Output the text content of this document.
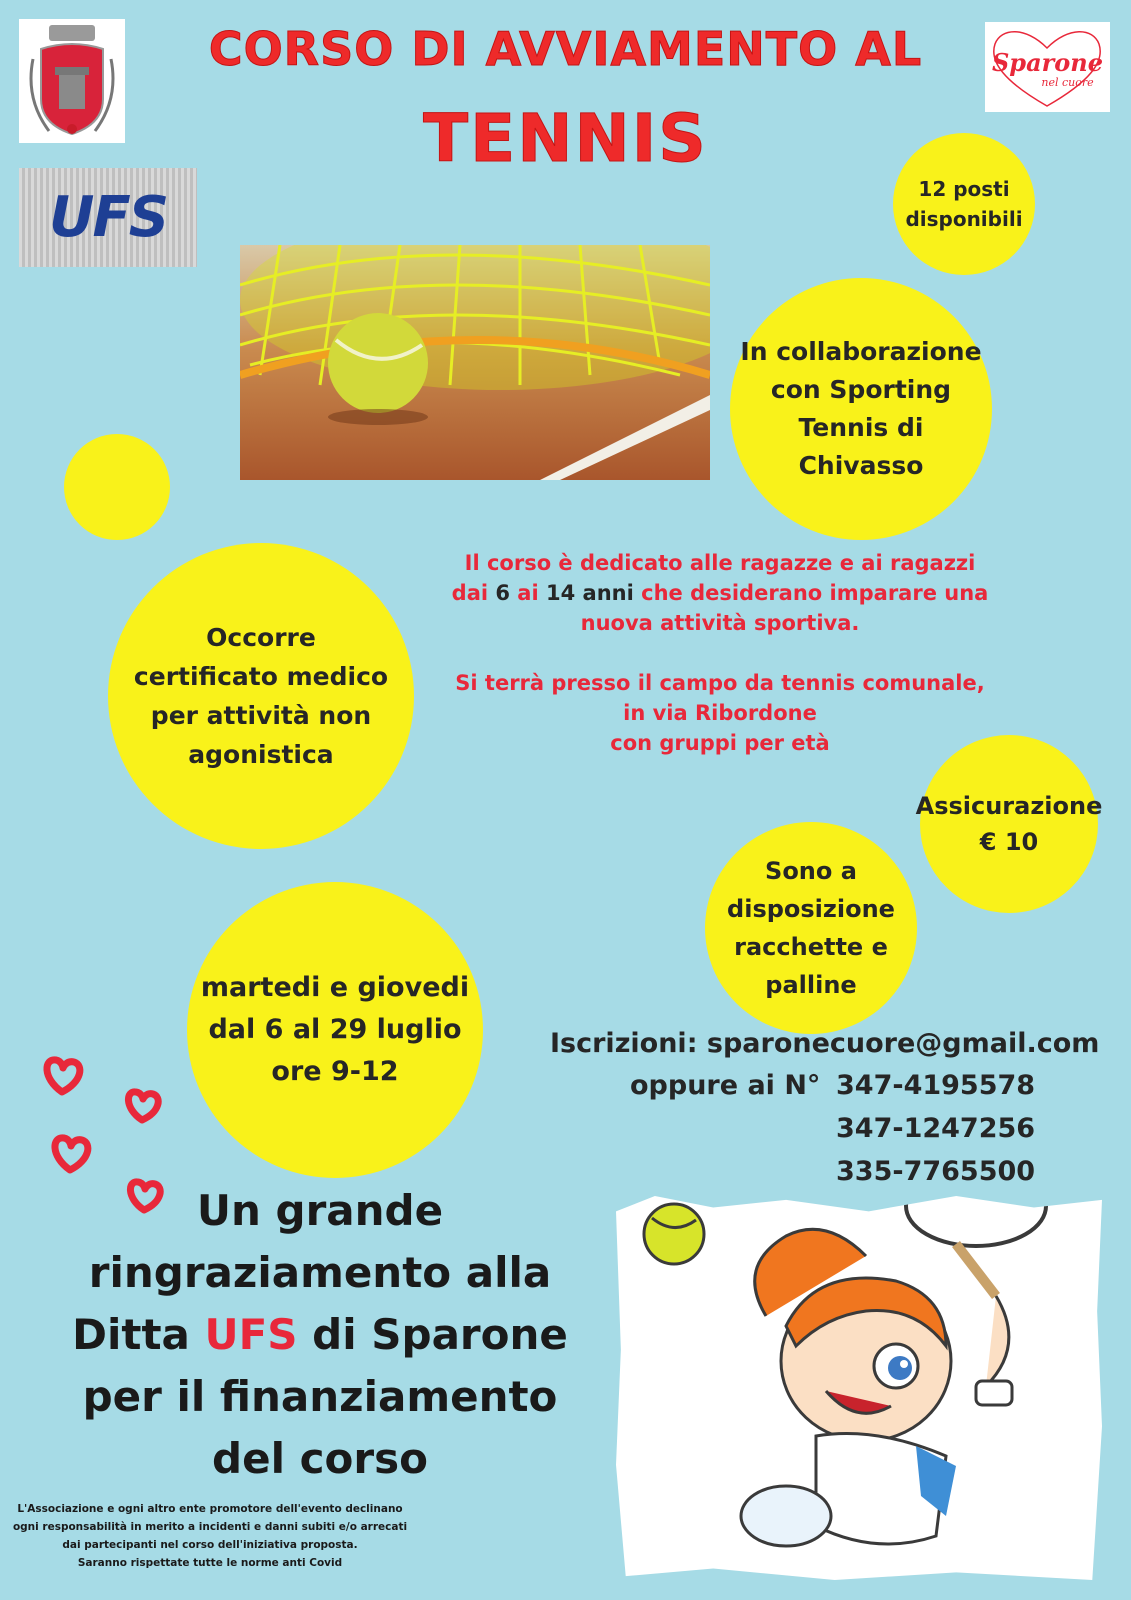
UFS
Sparone
nel cuore
CORSO DI AVVIAMENTO AL
TENNIS
12 posti
disponibili
In collaborazione
con Sporting
Tennis di
Chivasso
Occorre
certificato medico
per attività non
agonistica
Il corso è dedicato alle ragazze e ai ragazzi
dai 6 ai 14 anni che desiderano imparare una
nuova attività sportiva.
Si terrà presso il campo da tennis comunale,
in via Ribordone
con gruppi per età
Assicurazione
€ 10
Sono a
disposizione
racchette e
palline
martedi e giovedi
dal 6 al 29 luglio
ore 9-12
Iscrizioni: sparonecuore@gmail.com
oppure ai N° 347-4195578
347-1247256
335-7765500
Un grande
ringraziamento alla
Ditta UFS di Sparone
per il finanziamento
del corso
L'Associazione e ogni altro ente promotore dell'evento declinano
ogni responsabilità in merito a incidenti e danni subiti e/o arrecati
dai partecipanti nel corso dell'iniziativa proposta.
Saranno rispettate tutte le norme anti Covid
